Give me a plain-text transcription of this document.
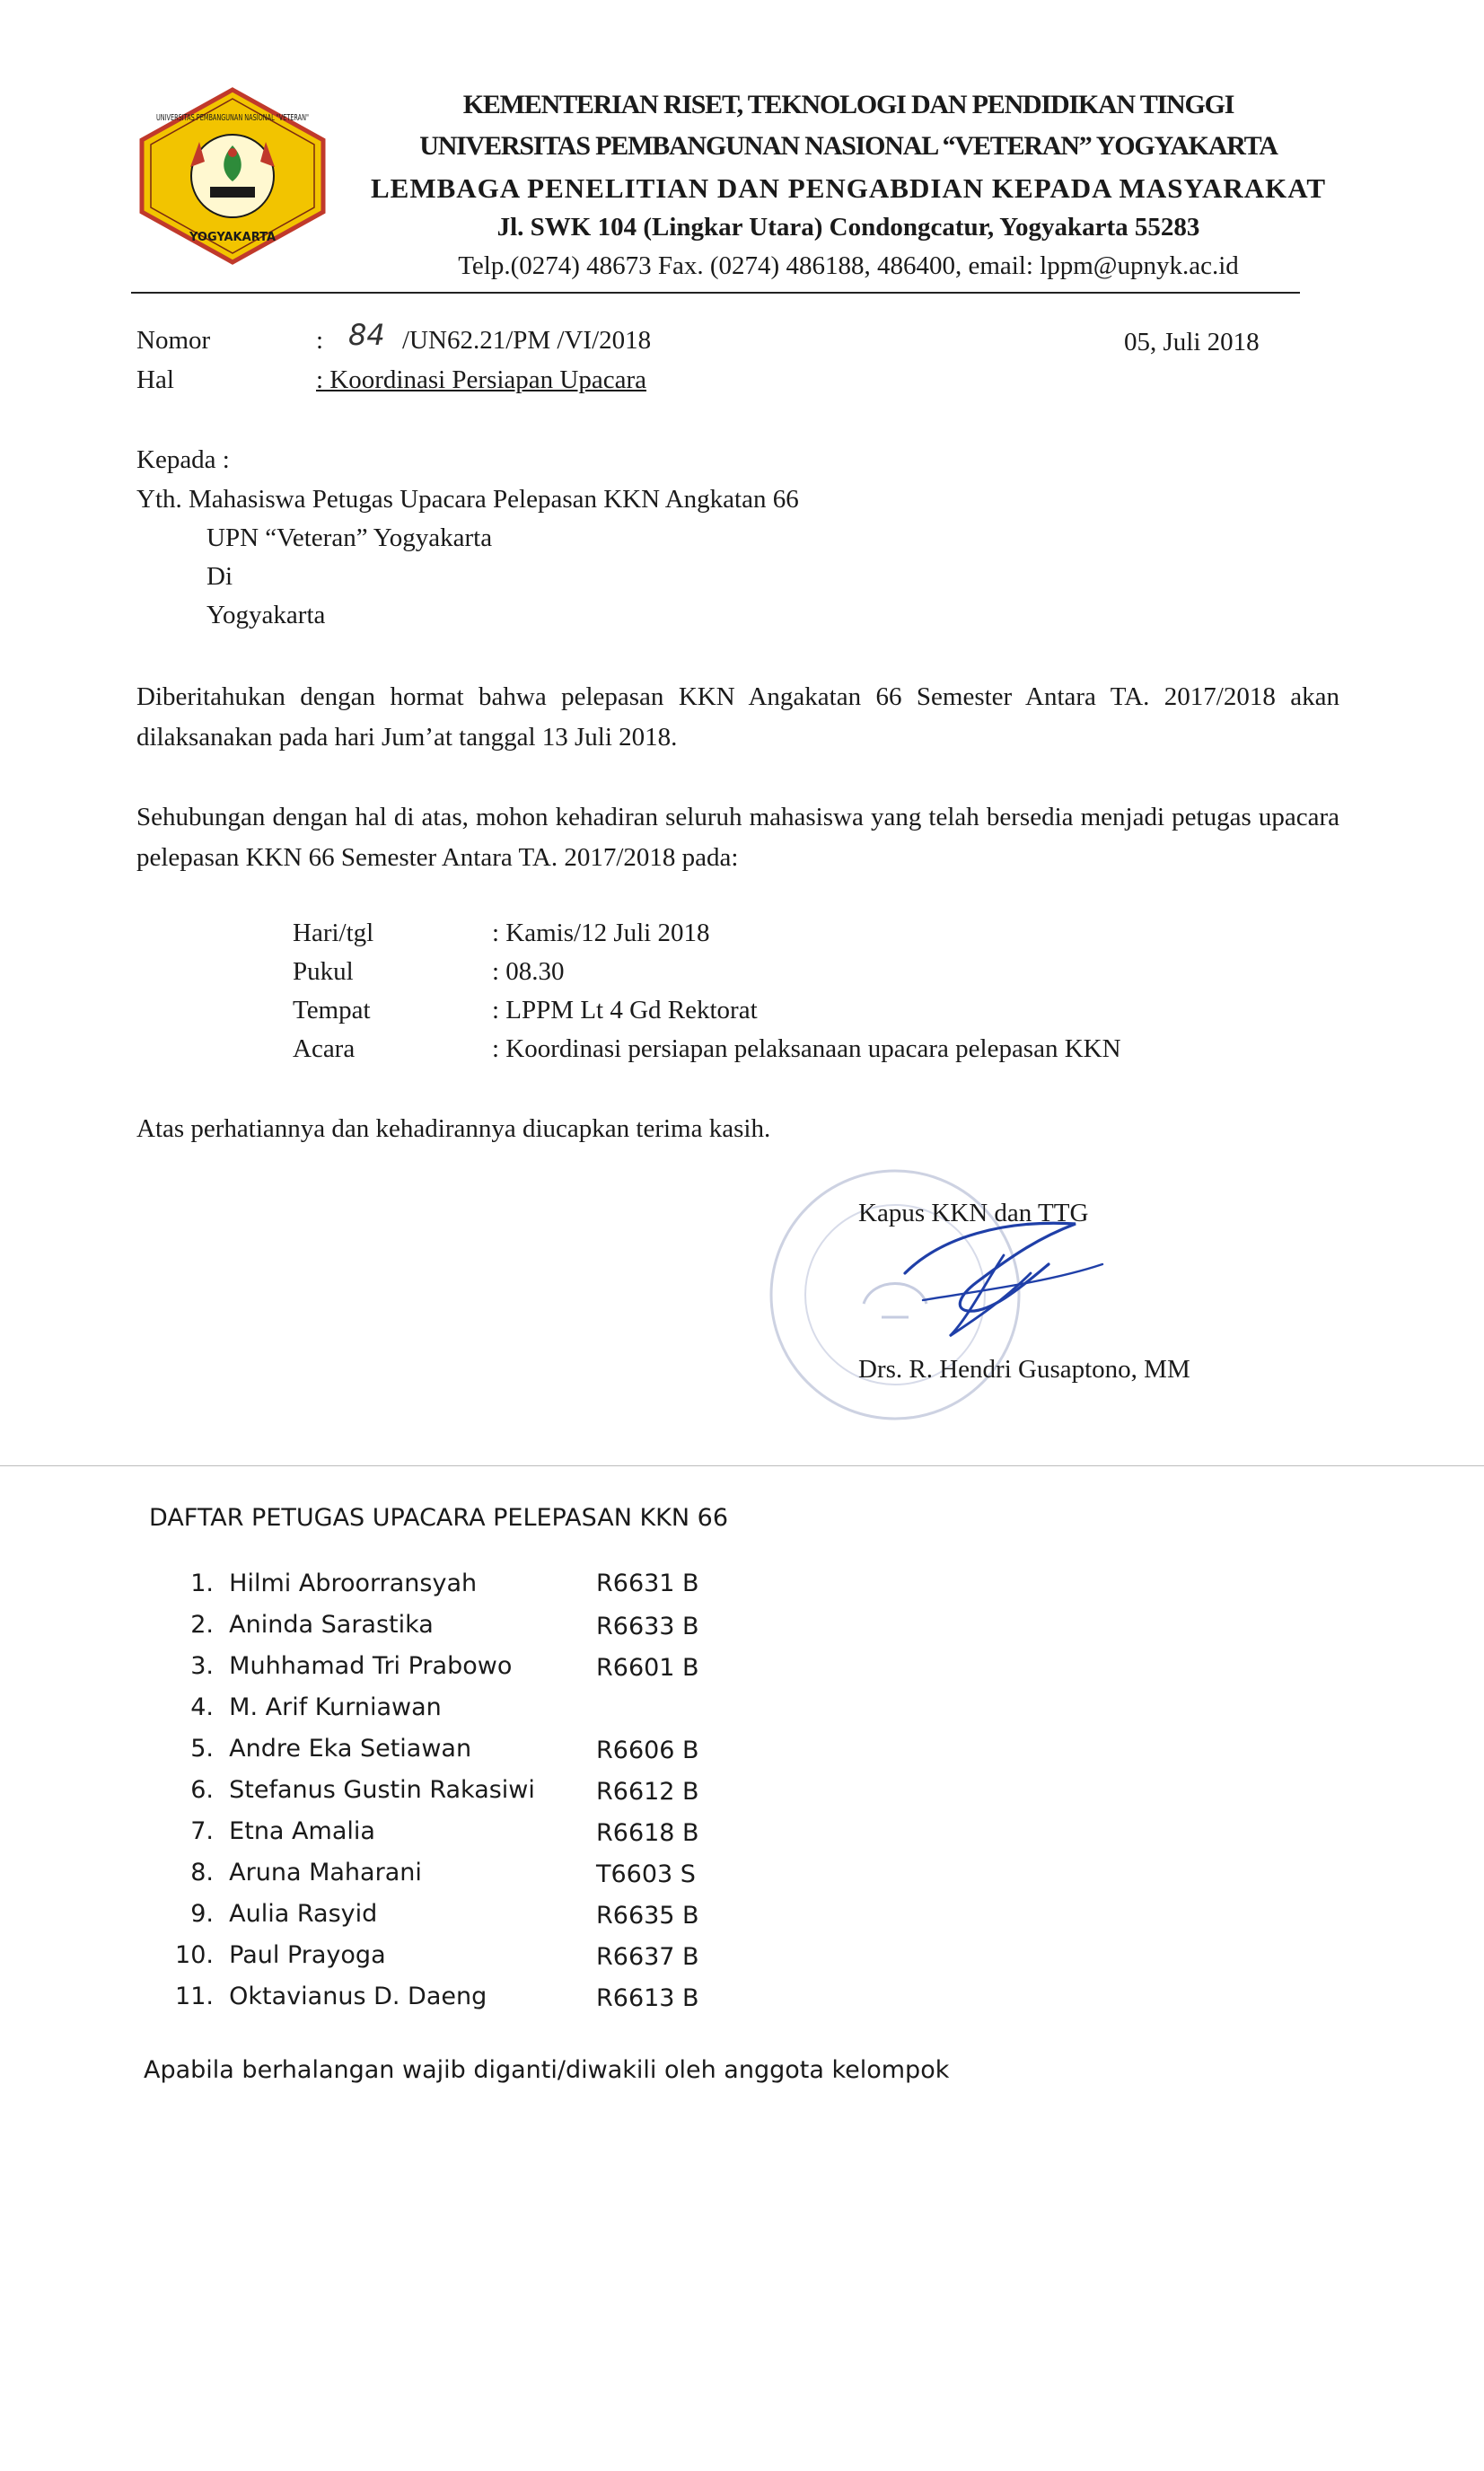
UNIVERSITAS PEMBANGUNAN NASIONAL "VETERAN"
YOGYAKARTA
KEMENTERIAN RISET, TEKNOLOGI DAN PENDIDIKAN TINGGI
UNIVERSITAS PEMBANGUNAN NASIONAL “VETERAN” YOGYAKARTA
LEMBAGA PENELITIAN DAN PENGABDIAN KEPADA MASYARAKAT
Jl. SWK 104 (Lingkar Utara) Condongcatur, Yogyakarta 55283
Telp.(0274) 48673 Fax. (0274) 486188, 486400, email: lppm@upnyk.ac.id
Nomor	: 84 /UN62.21/PM /VI/2018	05, Juli 2018
Hal	: Koordinasi Persiapan Upacara
Kepada :
Yth. Mahasiswa Petugas Upacara Pelepasan KKN Angkatan 66
UPN “Veteran” Yogyakarta
Di
Yogyakarta
Diberitahukan dengan hormat bahwa pelepasan KKN Angakatan 66 Semester Antara TA. 2017/2018 akan dilaksanakan pada hari Jum’at tanggal 13 Juli 2018.
Sehubungan dengan hal di atas, mohon kehadiran seluruh mahasiswa yang telah bersedia menjadi petugas upacara pelepasan KKN 66 Semester Antara TA. 2017/2018 pada:
Hari/tgl	: Kamis/12 Juli 2018
Pukul	: 08.30
Tempat	: LPPM Lt 4 Gd Rektorat
Acara	: Koordinasi persiapan pelaksanaan upacara pelepasan KKN
Atas perhatiannya dan kehadirannya diucapkan terima kasih.
Kapus KKN dan TTG
Drs. R. Hendri Gusaptono, MM
DAFTAR PETUGAS UPACARA PELEPASAN KKN 66
1. Hilmi Abroorransyah	R6631 B
2. Aninda Sarastika	R6633 B
3. Muhhamad Tri Prabowo	R6601 B
4. M. Arif Kurniawan
5. Andre Eka Setiawan	R6606 B
6. Stefanus Gustin Rakasiwi	R6612 B
7. Etna Amalia	R6618 B
8. Aruna Maharani	T6603 S
9. Aulia Rasyid	R6635 B
10. Paul Prayoga	R6637 B
11. Oktavianus D. Daeng	R6613 B
Apabila berhalangan wajib diganti/diwakili oleh anggota kelompok
